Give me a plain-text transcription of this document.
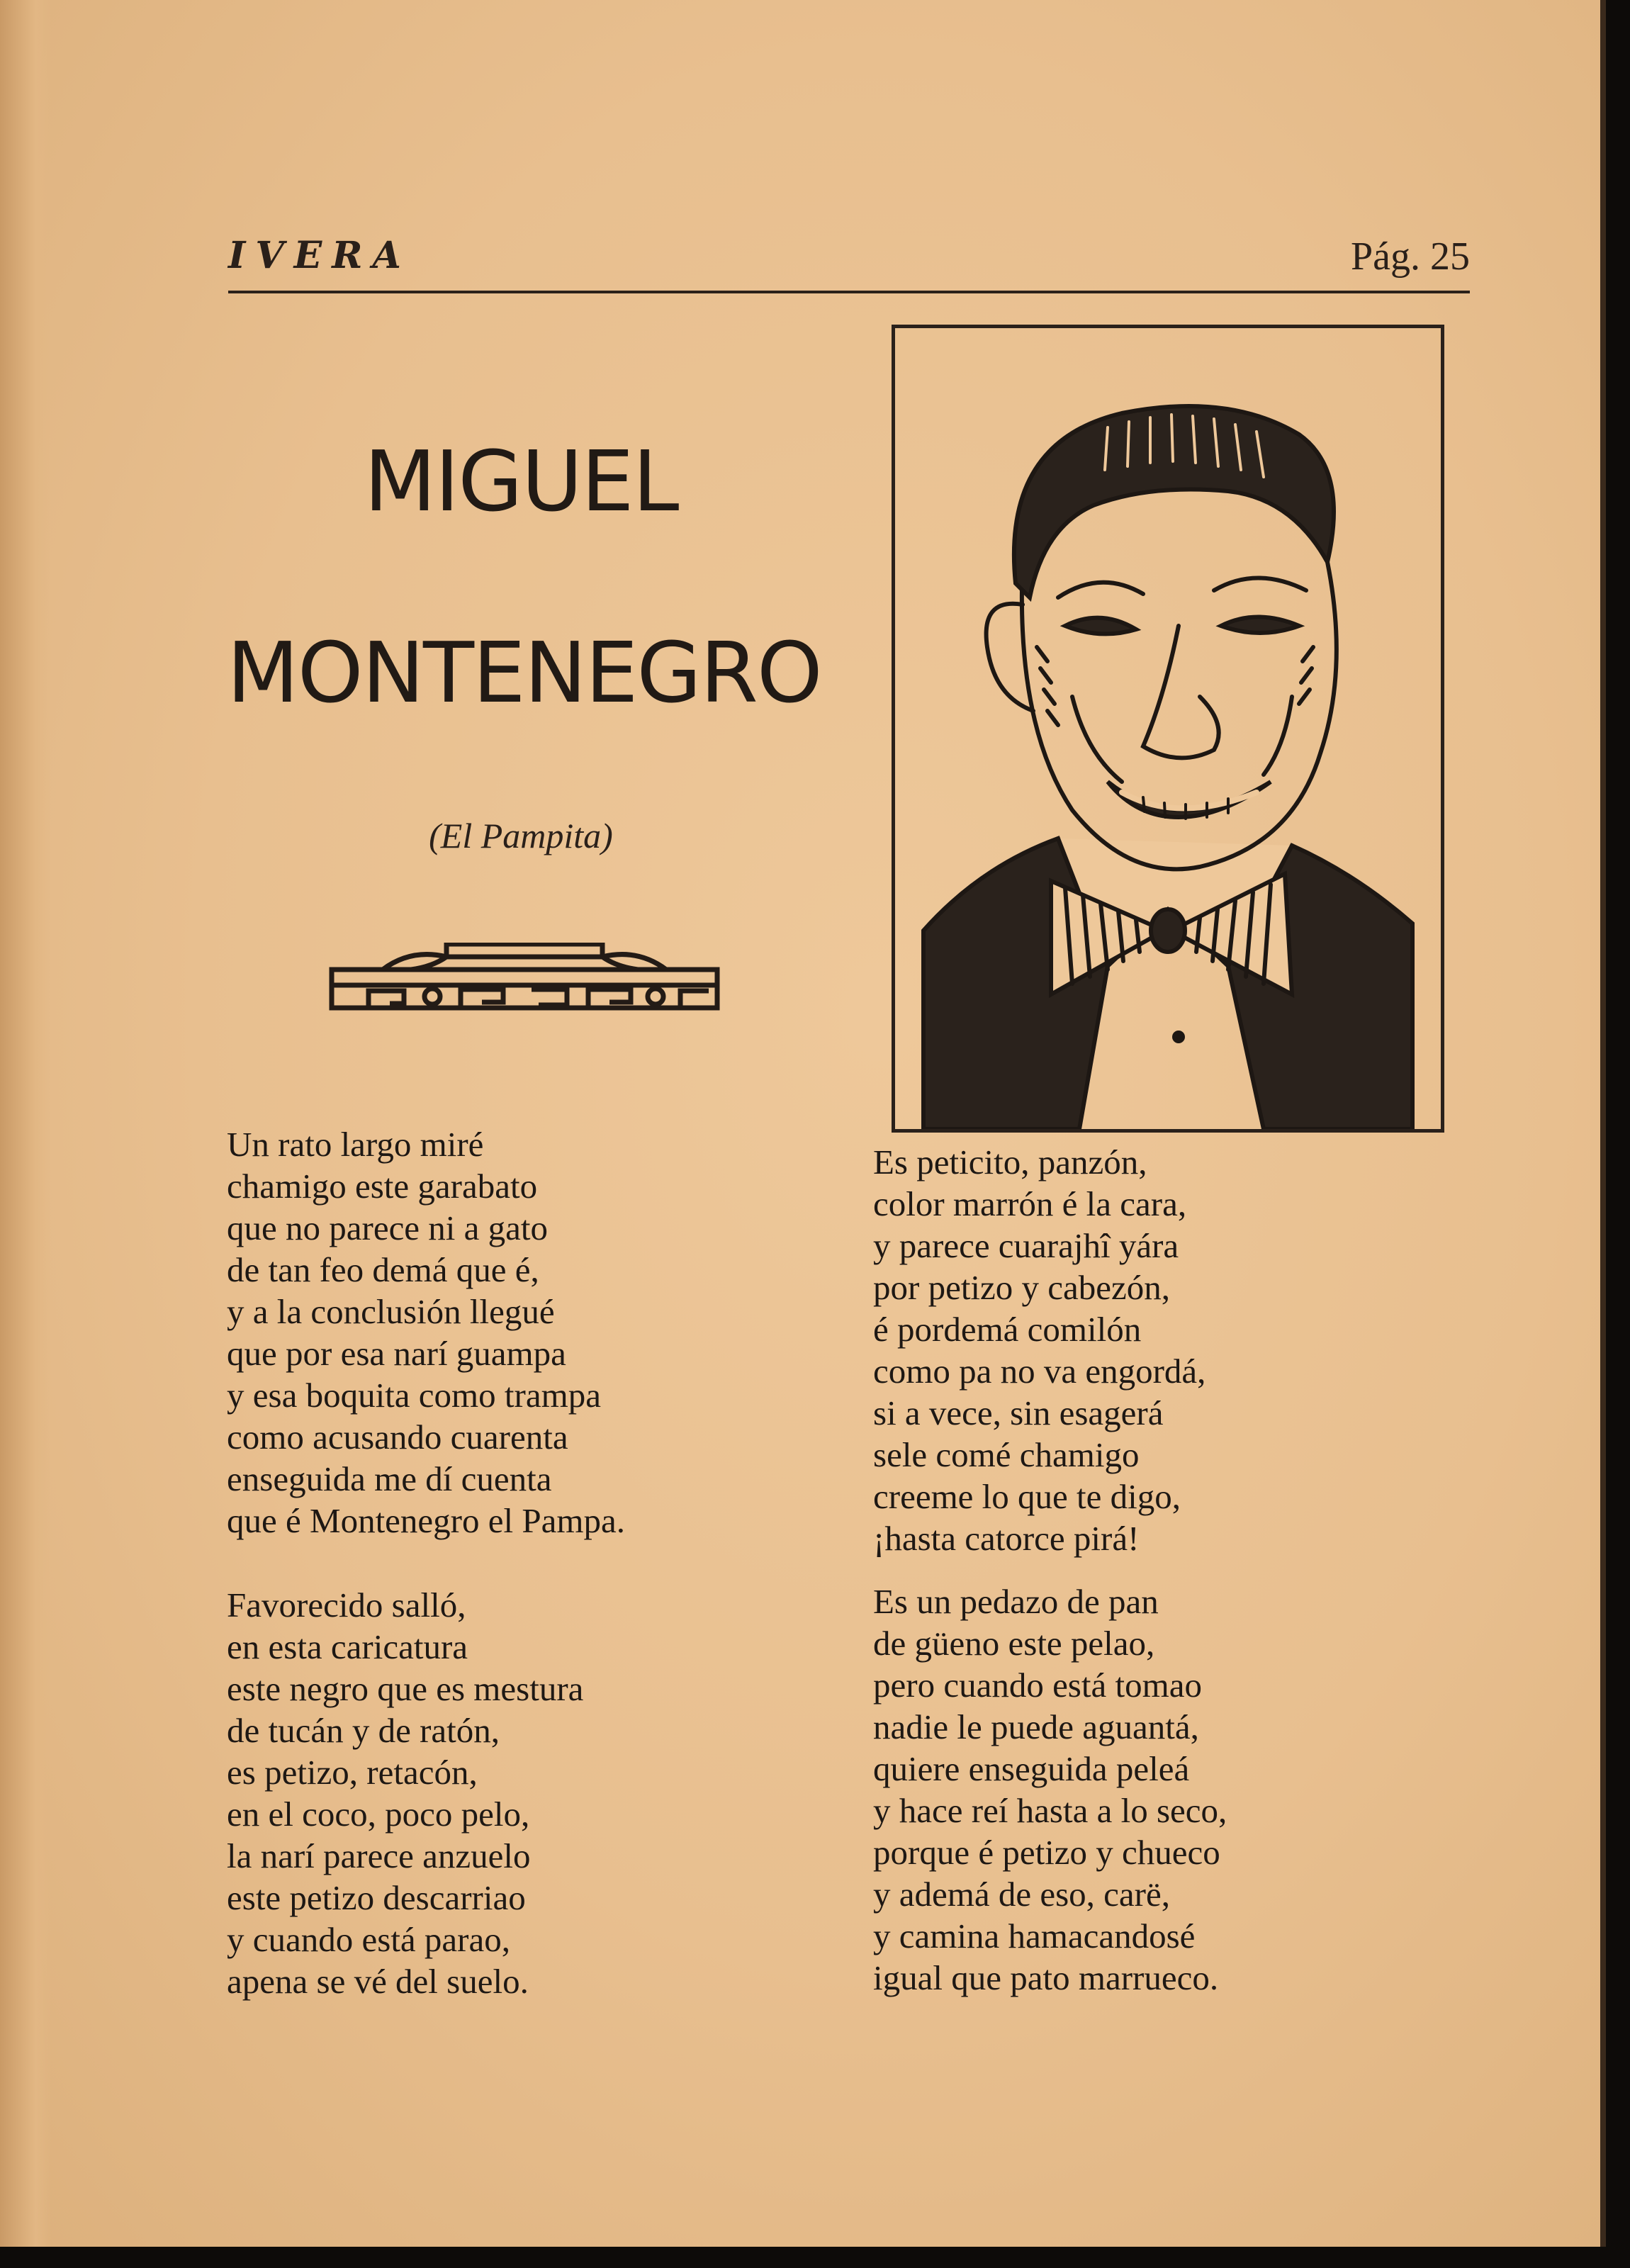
IVERA	Pág. 25
MIGUEL
MONTENEGRO
(El Pampita)
Un rato largo miré
chamigo este garabato
que no parece ni a gato
de tan feo demá que é,
y a la conclusión llegué
que por esa narí guampa
y esa boquita como trampa
como acusando cuarenta
enseguida me dí cuenta
que é Montenegro el Pampa.
Favorecido salló,
en esta caricatura
este negro que es mestura
de tucán y de ratón,
es petizo, retacón,
en el coco, poco pelo,
la narí parece anzuelo
este petizo descarriao
y cuando está parao,
apena se vé del suelo.
Es peticito, panzón,
color marrón é la cara,
y parece cuarajhî yára
por petizo y cabezón,
é pordemá comilón
como pa no va engordá,
si a vece, sin esagerá
sele comé chamigo
creeme lo que te digo,
¡hasta catorce pirá!
Es un pedazo de pan
de güeno este pelao,
pero cuando está tomao
nadie le puede aguantá,
quiere enseguida peleá
y hace reí hasta a lo seco,
porque é petizo y chueco
y ademá de eso, carë,
y camina hamacandosé
igual que pato marrueco.
